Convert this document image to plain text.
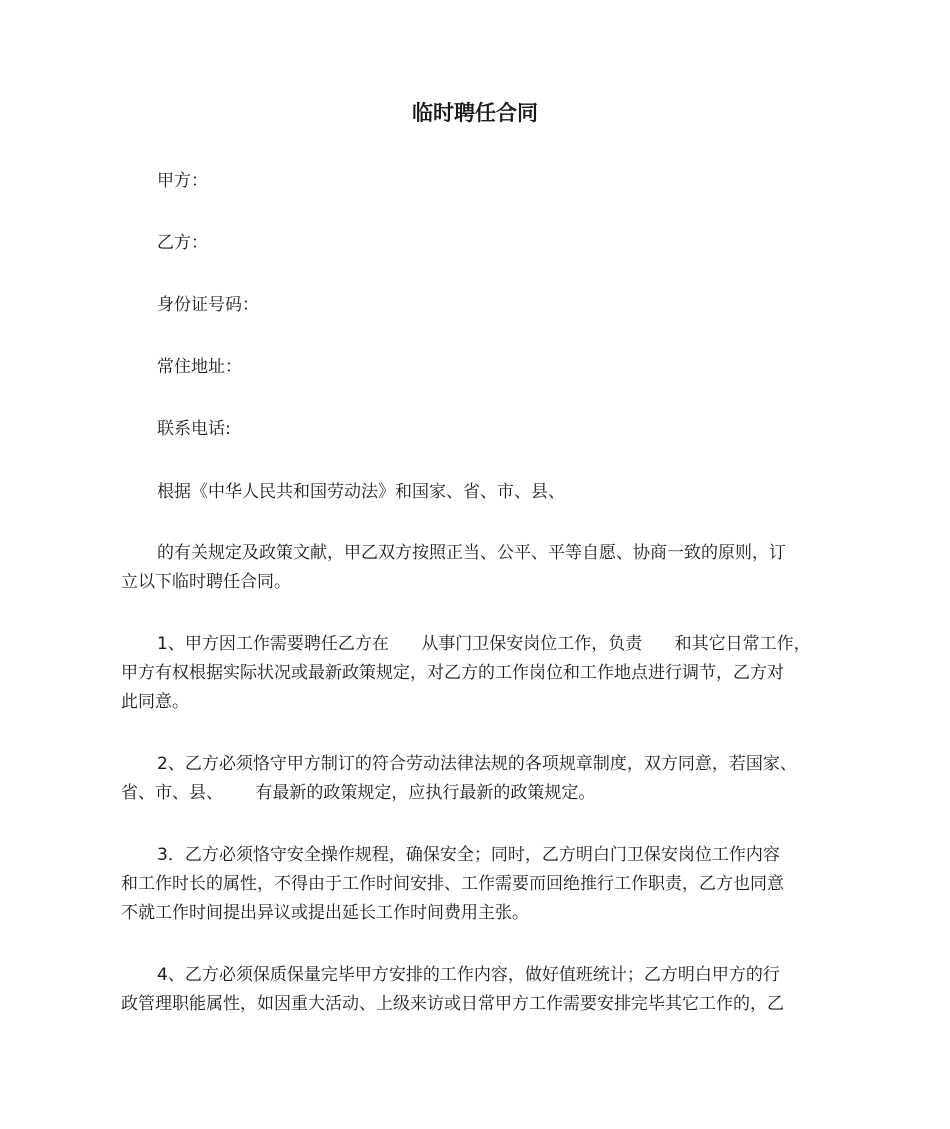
临时聘任合同
甲方：
乙方：
身份证号码：
常住地址：
联系电话:
根据《中华人民共和国劳动法》和国家、省、市、县、
的有关规定及政策文献，甲乙双方按照正当、公平、平等自愿、协商一致的原则，订
立以下临时聘任合同。
1、甲方因工作需要聘任乙方在      从事门卫保安岗位工作，负责      和其它日常工作，
甲方有权根据实际状况或最新政策规定，对乙方的工作岗位和工作地点进行调节，乙方对
此同意。
2、乙方必须恪守甲方制订的符合劳动法律法规的各项规章制度，双方同意，若国家、
省、市、县、      有最新的政策规定，应执行最新的政策规定。
3．乙方必须恪守安全操作规程，确保安全；同时，乙方明白门卫保安岗位工作内容
和工作时长的属性，不得由于工作时间安排、工作需要而回绝推行工作职责，乙方也同意
不就工作时间提出异议或提出延长工作时间费用主张。
4、乙方必须保质保量完毕甲方安排的工作内容，做好值班统计；乙方明白甲方的行
政管理职能属性，如因重大活动、上级来访或日常甲方工作需要安排完毕其它工作的，乙
